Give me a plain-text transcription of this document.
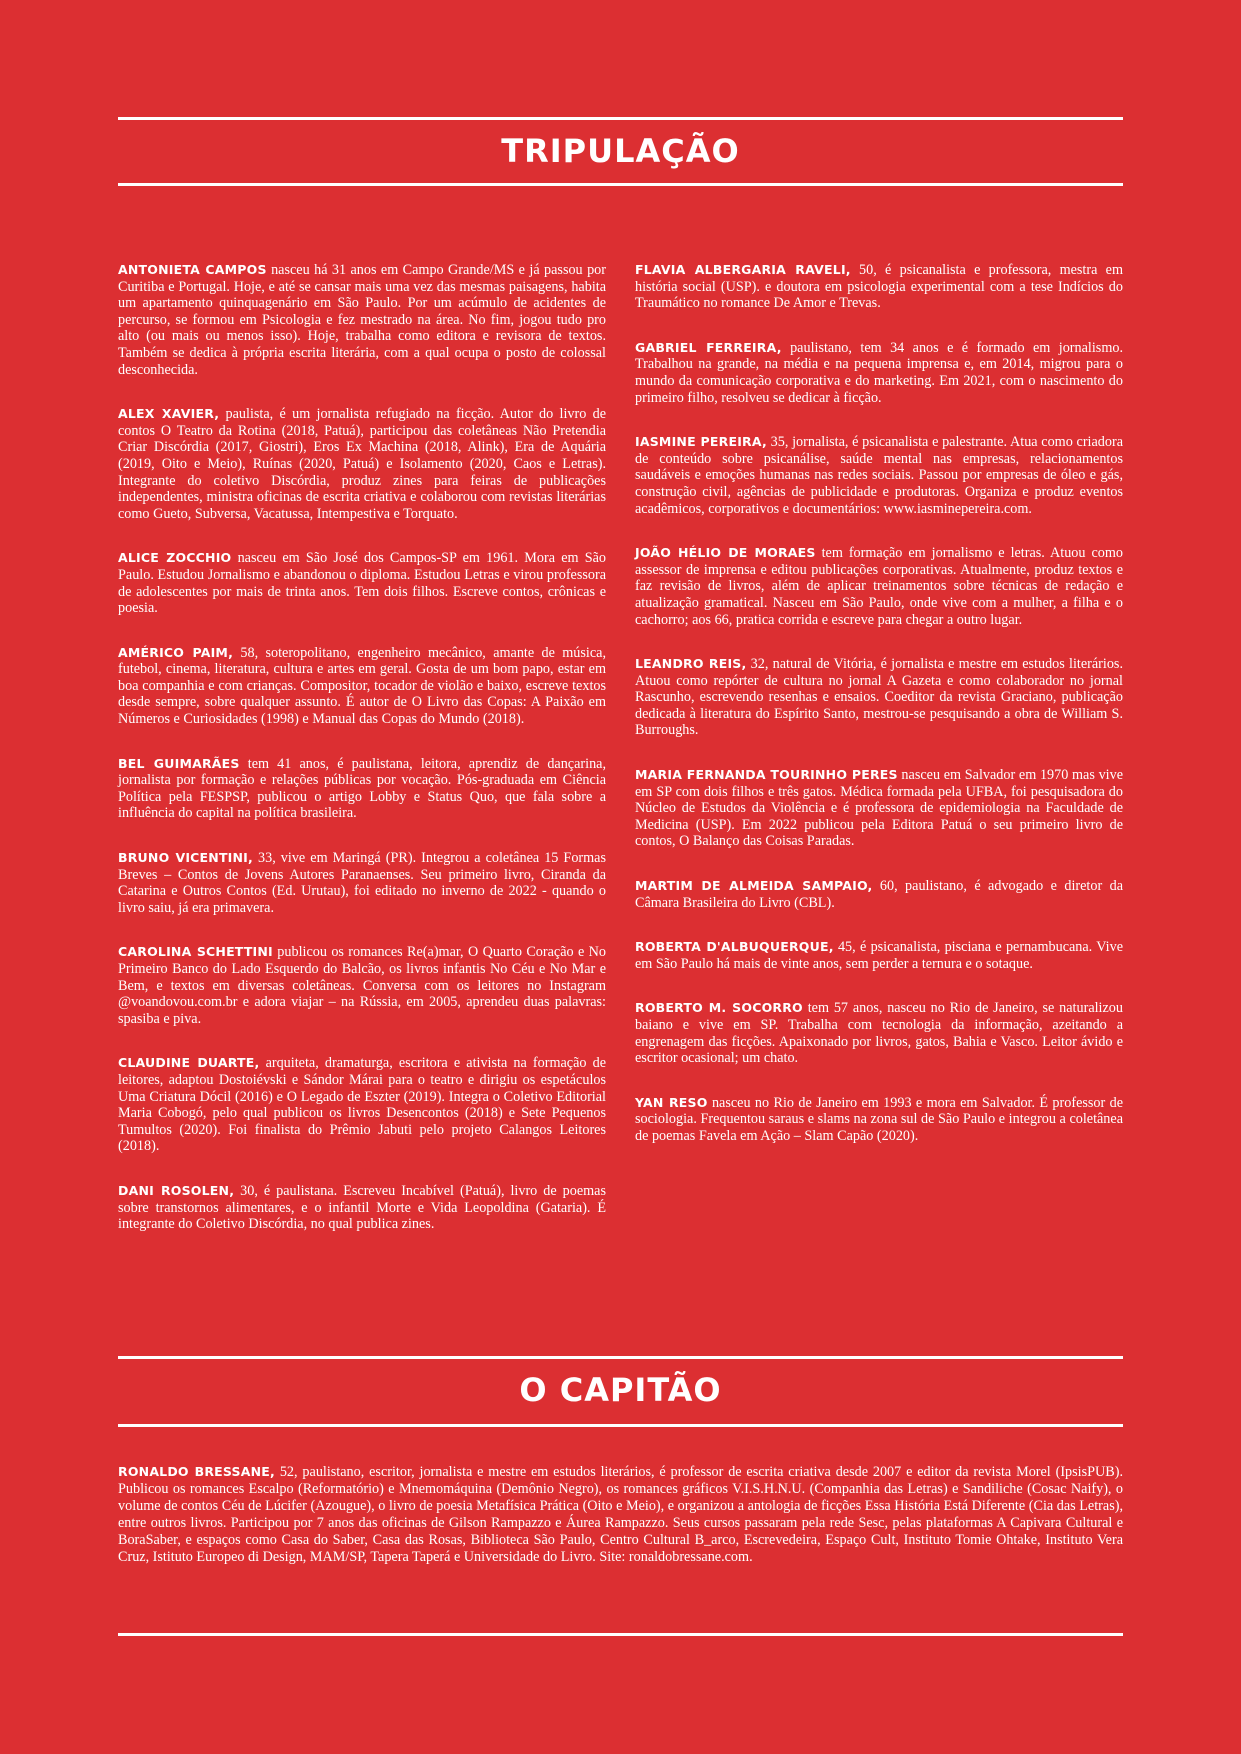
TRIPULAÇÃO

ANTONIETA CAMPOS nasceu há 31 anos em Campo Grande/MS e já passou por Curitiba e Portugal. Hoje, e até se cansar mais uma vez das mesmas paisagens, habita um apartamento quinquagenário em São Paulo. Por um acúmulo de acidentes de percurso, se formou em Psicologia e fez mestrado na área. No fim, jogou tudo pro alto (ou mais ou menos isso). Hoje, trabalha como editora e revisora de textos. Também se dedica à própria escrita literária, com a qual ocupa o posto de colossal desconhecida.

ALEX XAVIER, paulista, é um jornalista refugiado na ficção. Autor do livro de contos O Teatro da Rotina (2018, Patuá), participou das coletâneas Não Pretendia Criar Discórdia (2017, Giostri), Eros Ex Machina (2018, Alink), Era de Aquária (2019, Oito e Meio), Ruínas (2020, Patuá) e Isolamento (2020, Caos e Letras). Integrante do coletivo Discórdia, produz zines para feiras de publicações independentes, ministra oficinas de escrita criativa e colaborou com revistas literárias como Gueto, Subversa, Vacatussa, Intempestiva e Torquato.

ALICE ZOCCHIO nasceu em São José dos Campos-SP em 1961. Mora em São Paulo. Estudou Jornalismo e abandonou o diploma. Estudou Letras e virou professora de adolescentes por mais de trinta anos. Tem dois filhos. Escreve contos, crônicas e poesia.

AMÉRICO PAIM, 58, soteropolitano, engenheiro mecânico, amante de música, futebol, cinema, literatura, cultura e artes em geral. Gosta de um bom papo, estar em boa companhia e com crianças. Compositor, tocador de violão e baixo, escreve textos desde sempre, sobre qualquer assunto. É autor de O Livro das Copas: A Paixão em Números e Curiosidades (1998) e Manual das Copas do Mundo (2018).

BEL GUIMARÃES tem 41 anos, é paulistana, leitora, aprendiz de dançarina, jornalista por formação e relações públicas por vocação. Pós-graduada em Ciência Política pela FESPSP, publicou o artigo Lobby e Status Quo, que fala sobre a influência do capital na política brasileira.

BRUNO VICENTINI, 33, vive em Maringá (PR). Integrou a coletânea 15 Formas Breves – Contos de Jovens Autores Paranaenses. Seu primeiro livro, Ciranda da Catarina e Outros Contos (Ed. Urutau), foi editado no inverno de 2022 - quando o livro saiu, já era primavera.

CAROLINA SCHETTINI publicou os romances Re(a)mar, O Quarto Coração e No Primeiro Banco do Lado Esquerdo do Balcão, os livros infantis No Céu e No Mar e Bem, e textos em diversas coletâneas. Conversa com os leitores no Instagram @voandovou.com.br e adora viajar – na Rússia, em 2005, aprendeu duas palavras: spasiba e piva.

CLAUDINE DUARTE, arquiteta, dramaturga, escritora e ativista na formação de leitores, adaptou Dostoiévski e Sándor Márai para o teatro e dirigiu os espetáculos Uma Criatura Dócil (2016) e O Legado de Eszter (2019). Integra o Coletivo Editorial Maria Cobogó, pelo qual publicou os livros Desencontos (2018) e Sete Pequenos Tumultos (2020). Foi finalista do Prêmio Jabuti pelo projeto Calangos Leitores (2018).

DANI ROSOLEN, 30, é paulistana. Escreveu Incabível (Patuá), livro de poemas sobre transtornos alimentares, e o infantil Morte e Vida Leopoldina (Gataria). É integrante do Coletivo Discórdia, no qual publica zines.

FLAVIA ALBERGARIA RAVELI, 50, é psicanalista e professora, mestra em história social (USP). e doutora em psicologia experimental com a tese Indícios do Traumático no romance De Amor e Trevas.

GABRIEL FERREIRA, paulistano, tem 34 anos e é formado em jornalismo. Trabalhou na grande, na média e na pequena imprensa e, em 2014, migrou para o mundo da comunicação corporativa e do marketing. Em 2021, com o nascimento do primeiro filho, resolveu se dedicar à ficção.

IASMINE PEREIRA, 35, jornalista, é psicanalista e palestrante. Atua como criadora de conteúdo sobre psicanálise, saúde mental nas empresas, relacionamentos saudáveis e emoções humanas nas redes sociais. Passou por empresas de óleo e gás, construção civil, agências de publicidade e produtoras. Organiza e produz eventos acadêmicos, corporativos e documentários: www.iasminepereira.com.

JOÃO HÉLIO DE MORAES tem formação em jornalismo e letras. Atuou como assessor de imprensa e editou publicações corporativas. Atualmente, produz textos e faz revisão de livros, além de aplicar treinamentos sobre técnicas de redação e atualização gramatical. Nasceu em São Paulo, onde vive com a mulher, a filha e o cachorro; aos 66, pratica corrida e escreve para chegar a outro lugar.

LEANDRO REIS, 32, natural de Vitória, é jornalista e mestre em estudos literários. Atuou como repórter de cultura no jornal A Gazeta e como colaborador no jornal Rascunho, escrevendo resenhas e ensaios. Coeditor da revista Graciano, publicação dedicada à literatura do Espírito Santo, mestrou-se pesquisando a obra de William S. Burroughs.

MARIA FERNANDA TOURINHO PERES nasceu em Salvador em 1970 mas vive em SP com dois filhos e três gatos. Médica formada pela UFBA, foi pesquisadora do Núcleo de Estudos da Violência e é professora de epidemiologia na Faculdade de Medicina (USP). Em 2022 publicou pela Editora Patuá o seu primeiro livro de contos, O Balanço das Coisas Paradas.

MARTIM DE ALMEIDA SAMPAIO, 60, paulistano, é advogado e diretor da Câmara Brasileira do Livro (CBL).

ROBERTA D'ALBUQUERQUE, 45, é psicanalista, pisciana e pernambucana. Vive em São Paulo há mais de vinte anos, sem perder a ternura e o sotaque.

ROBERTO M. SOCORRO tem 57 anos, nasceu no Rio de Janeiro, se naturalizou baiano e vive em SP. Trabalha com tecnologia da informação, azeitando a engrenagem das ficções. Apaixonado por livros, gatos, Bahia e Vasco. Leitor ávido e escritor ocasional; um chato.

YAN RESO nasceu no Rio de Janeiro em 1993 e mora em Salvador. É professor de sociologia. Frequentou saraus e slams na zona sul de São Paulo e integrou a coletânea de poemas Favela em Ação – Slam Capão (2020).

O CAPITÃO

RONALDO BRESSANE, 52, paulistano, escritor, jornalista e mestre em estudos literários, é professor de escrita criativa desde 2007 e editor da revista Morel (IpsisPUB). Publicou os romances Escalpo (Reformatório) e Mnemomáquina (Demônio Negro), os romances gráficos V.I.S.H.N.U. (Companhia das Letras) e Sandiliche (Cosac Naify), o volume de contos Céu de Lúcifer (Azougue), o livro de poesia Metafísica Prática (Oito e Meio), e organizou a antologia de ficções Essa História Está Diferente (Cia das Letras), entre outros livros. Participou por 7 anos das oficinas de Gilson Rampazzo e Áurea Rampazzo. Seus cursos passaram pela rede Sesc, pelas plataformas A Capivara Cultural e BoraSaber, e espaços como Casa do Saber, Casa das Rosas, Biblioteca São Paulo, Centro Cultural B_arco, Escrevedeira, Espaço Cult, Instituto Tomie Ohtake, Instituto Vera Cruz, Istituto Europeo di Design, MAM/SP, Tapera Taperá e Universidade do Livro. Site: ronaldobressane.com.
